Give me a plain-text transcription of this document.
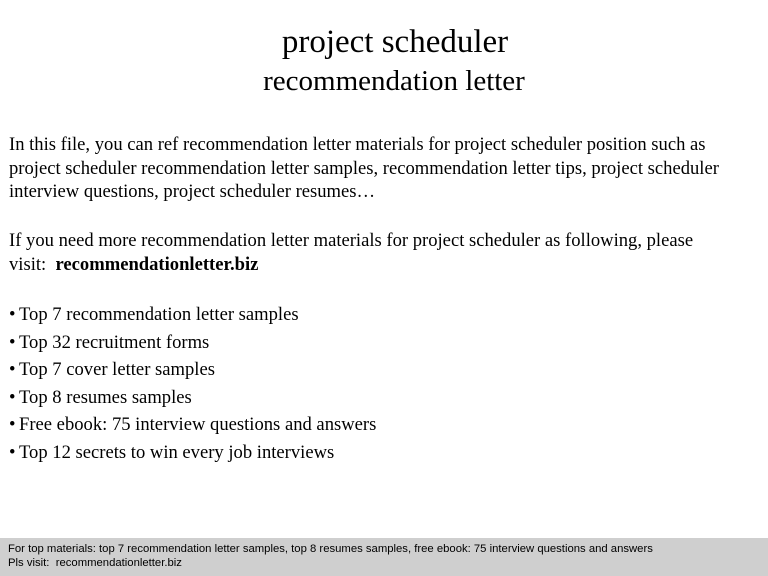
project scheduler
recommendation letter

In this file, you can ref recommendation letter materials for project scheduler position such as project scheduler recommendation letter samples, recommendation letter tips, project scheduler interview questions, project scheduler resumes…

If you need more recommendation letter materials for project scheduler as following, please visit: recommendationletter.biz

• Top 7 recommendation letter samples
• Top 32 recruitment forms
• Top 7 cover letter samples
• Top 8 resumes samples
• Free ebook: 75 interview questions and answers
• Top 12 secrets to win every job interviews
For top materials: top 7 recommendation letter samples, top 8 resumes samples, free ebook: 75 interview questions and answers
Pls visit: recommendationletter.biz
